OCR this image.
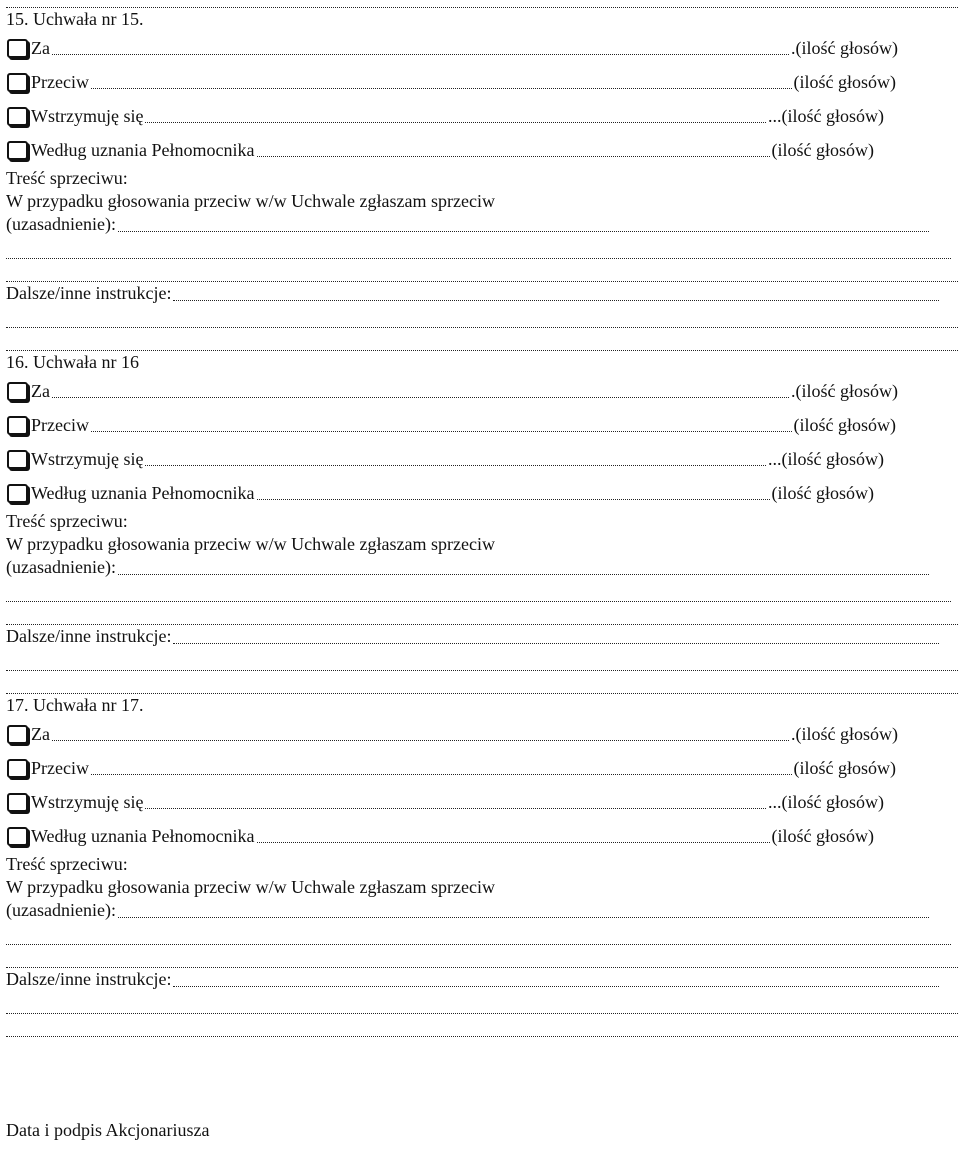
15. Uchwała nr 15.
Za	.(ilość głosów)
Przeciw	(ilość głosów)
Wstrzymuję się	...(ilość głosów)
Według uznania Pełnomocnika	(ilość głosów)
Treść sprzeciwu:
W przypadku głosowania przeciw w/w Uchwale zgłaszam sprzeciw
(uzasadnienie):
Dalsze/inne instrukcje:
16. Uchwała nr 16
Za	.(ilość głosów)
Przeciw	(ilość głosów)
Wstrzymuję się	...(ilość głosów)
Według uznania Pełnomocnika	(ilość głosów)
Treść sprzeciwu:
W przypadku głosowania przeciw w/w Uchwale zgłaszam sprzeciw
(uzasadnienie):
Dalsze/inne instrukcje:
17. Uchwała nr 17.
Za	.(ilość głosów)
Przeciw	(ilość głosów)
Wstrzymuję się	...(ilość głosów)
Według uznania Pełnomocnika	(ilość głosów)
Treść sprzeciwu:
W przypadku głosowania przeciw w/w Uchwale zgłaszam sprzeciw
(uzasadnienie):
Dalsze/inne instrukcje:
Data i podpis Akcjonariusza
